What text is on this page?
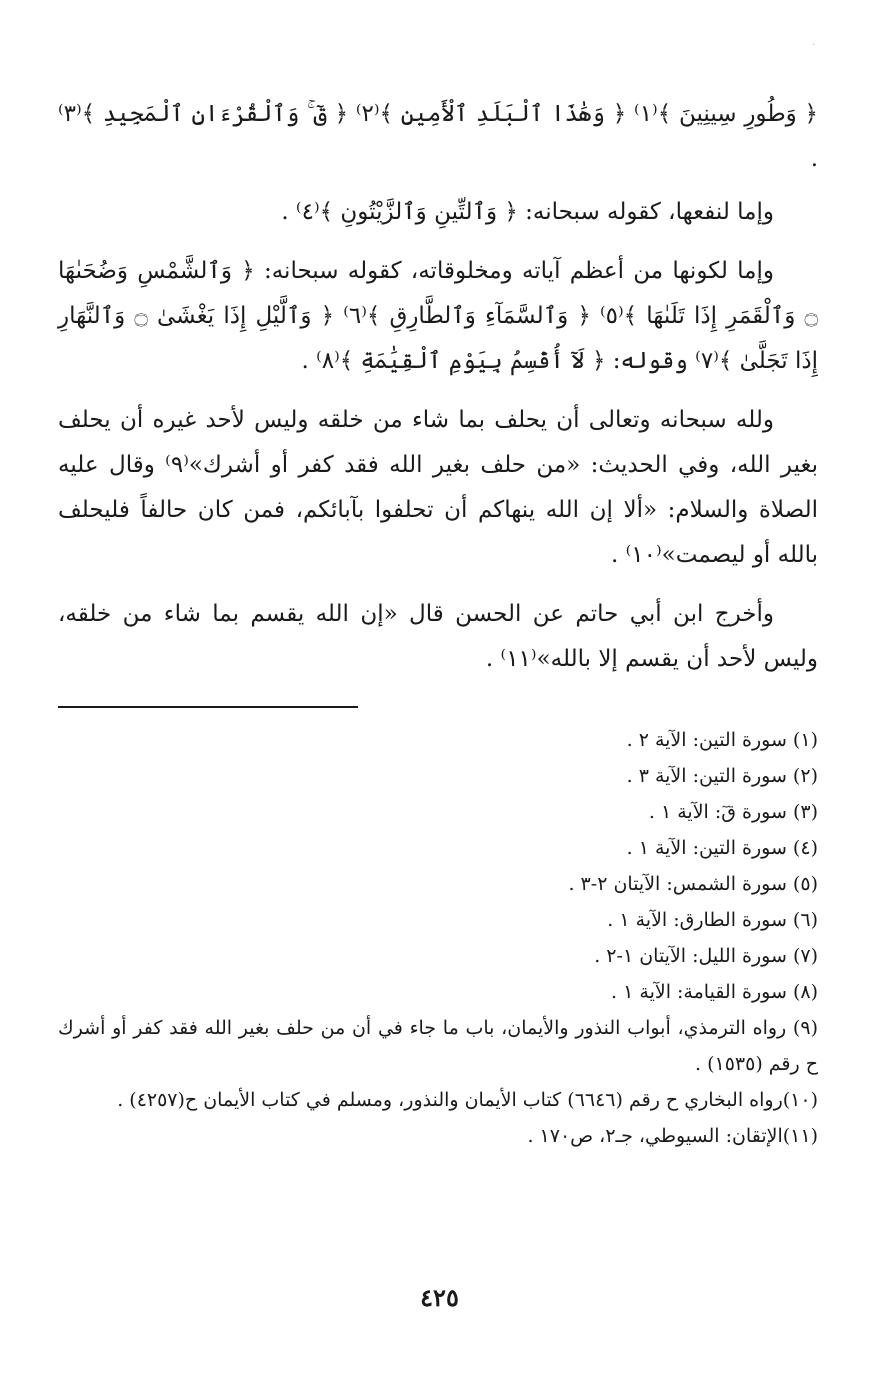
·

﴿ وَطُورِ سِينِينَ ﴾⁽١⁾ ﴿ وَهَٰذَا ٱلْبَلَدِ ٱلْأَمِينِ ﴾⁽٢⁾ ﴿ قٓ ۚ وَٱلْقُرْءَانِ ٱلْمَجِيدِ ﴾⁽٣⁾ .

وإما لنفعها، كقوله سبحانه: ﴿ وَٱلتِّينِ وَٱلزَّيْتُونِ ﴾⁽٤⁾ .

وإما لكونها من أعظم آياته ومخلوقاته، كقوله سبحانه: ﴿ وَٱلشَّمْسِ وَضُحَىٰهَا ۝ وَٱلْقَمَرِ إِذَا تَلَىٰهَا ﴾⁽٥⁾ ﴿ وَٱلسَّمَآءِ وَٱلطَّارِقِ ﴾⁽٦⁾ ﴿ وَٱلَّيْلِ إِذَا يَغْشَىٰ ۝ وَٱلنَّهَارِ إِذَا تَجَلَّىٰ ﴾⁽٧⁾ وقوله: ﴿ لَآ أُقْسِمُ بِيَوْمِ ٱلْقِيَٰمَةِ ﴾⁽٨⁾ .

ولله سبحانه وتعالى أن يحلف بما شاء من خلقه وليس لأحد غيره أن يحلف بغير الله، وفي الحديث: «من حلف بغير الله فقد كفر أو أشرك»⁽٩⁾ وقال عليه الصلاة والسلام: «ألا إن الله ينهاكم أن تحلفوا بآبائكم، فمن كان حالفاً فليحلف بالله أو ليصمت»⁽١٠⁾ .

وأخرج ابن أبي حاتم عن الحسن قال «إن الله يقسم بما شاء من خلقه، وليس لأحد أن يقسم إلا بالله»⁽١١⁾ .

(١) سورة التين: الآية ٢ .
(٢) سورة التين: الآية ٣ .
(٣) سورة قٓ: الآية ١ .
(٤) سورة التين: الآية ١ .
(٥) سورة الشمس: الآيتان ٢-٣ .
(٦) سورة الطارق: الآية ١ .
(٧) سورة الليل: الآيتان ١-٢ .
(٨) سورة القيامة: الآية ١ .
(٩) رواه الترمذي، أبواب النذور والأيمان، باب ما جاء في أن من حلف بغير الله فقد كفر أو أشرك ح رقم (١٥٣٥) .
(١٠)رواه البخاري ح رقم (٦٦٤٦) كتاب الأيمان والنذور، ومسلم في كتاب الأيمان ح(٤٢٥٧) .
(١١)الإتقان: السيوطي، جـ٢، ص١٧٠ .
٤٢٥
